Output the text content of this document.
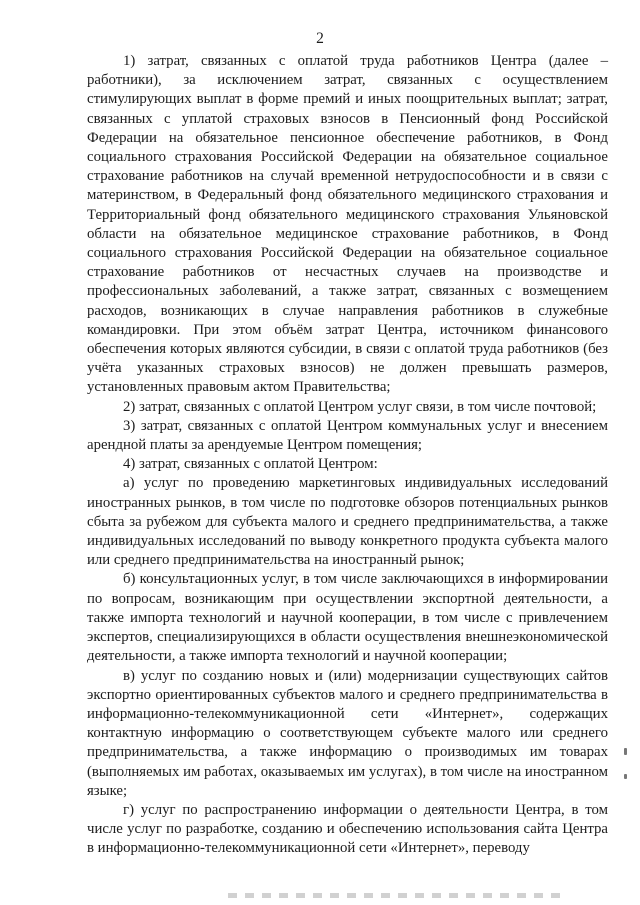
2

1) затрат, связанных с оплатой труда работников Центра (далее – работники), за исключением затрат, связанных с осуществлением стимулирующих выплат в форме премий и иных поощрительных выплат; затрат, связанных с уплатой страховых взносов в Пенсионный фонд Российской Федерации на обязательное пенсионное обеспечение работников, в Фонд социального страхования Российской Федерации на обязательное социальное страхование работников на случай временной нетрудоспособности и в связи с материнством, в Федеральный фонд обязательного медицинского страхования и Территориальный фонд обязательного медицинского страхования Ульяновской области на обязательное медицинское страхование работников, в Фонд социального страхования Российской Федерации на обязательное социальное страхование работников от несчастных случаев на производстве и профессиональных заболеваний, а также затрат, связанных с возмещением расходов, возникающих в случае направления работников в служебные командировки. При этом объём затрат Центра, источником финансового обеспечения которых являются субсидии, в связи с оплатой труда работников (без учёта указанных страховых взносов) не должен превышать размеров, установленных правовым актом Правительства;

2) затрат, связанных с оплатой Центром услуг связи, в том числе почтовой;

3) затрат, связанных с оплатой Центром коммунальных услуг и внесением арендной платы за арендуемые Центром помещения;

4) затрат, связанных с оплатой Центром:

а) услуг по проведению маркетинговых индивидуальных исследований иностранных рынков, в том числе по подготовке обзоров потенциальных рынков сбыта за рубежом для субъекта малого и среднего предпринимательства, а также индивидуальных исследований по выводу конкретного продукта субъекта малого или среднего предпринимательства на иностранный рынок;

б) консультационных услуг, в том числе заключающихся в информировании по вопросам, возникающим при осуществлении экспортной деятельности, а также импорта технологий и научной кооперации, в том числе с привлечением экспертов, специализирующихся в области осуществления внешнеэкономической деятельности, а также импорта технологий и научной кооперации;

в) услуг по созданию новых и (или) модернизации существующих сайтов экспортно ориентированных субъектов малого и среднего предпринимательства в информационно-телекоммуникационной сети «Интернет», содержащих контактную информацию о соответствующем субъекте малого или среднего предпринимательства, а также информацию о производимых им товарах (выполняемых им работах, оказываемых им услугах), в том числе на иностранном языке;

г) услуг по распространению информации о деятельности Центра, в том числе услуг по разработке, созданию и обеспечению использования сайта Центра в информационно-телекоммуникационной сети «Интернет», переводу
